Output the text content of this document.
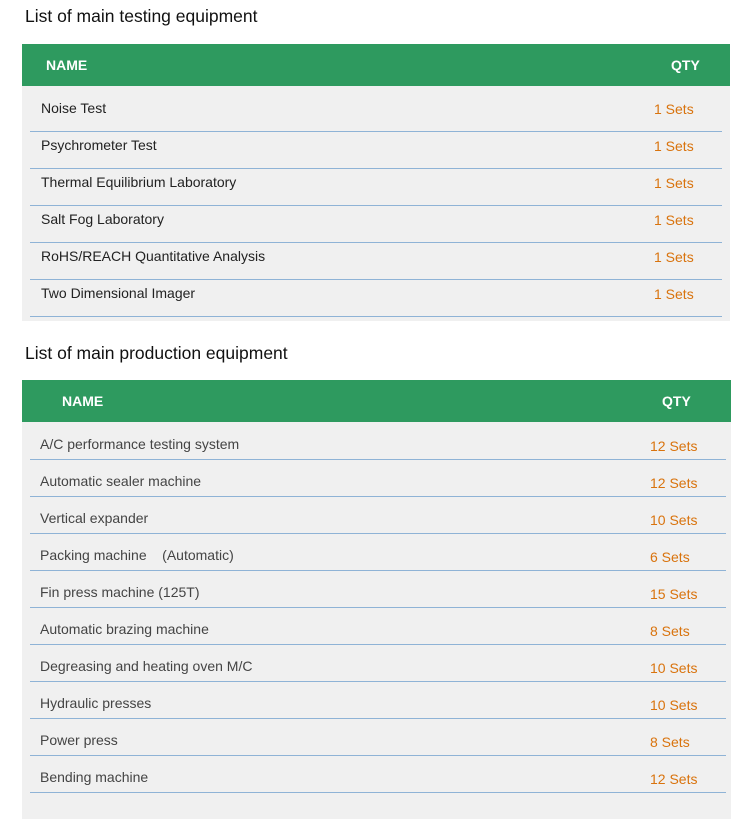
List of main testing equipment
NAME	QTY
Noise Test	1 Sets
Psychrometer Test	1 Sets
Thermal Equilibrium Laboratory	1 Sets
Salt Fog Laboratory	1 Sets
RoHS/REACH Quantitative Analysis	1 Sets
Two Dimensional Imager	1 Sets
List of main production equipment
NAME	QTY
A/C performance testing system	12 Sets
Automatic sealer machine	12 Sets
Vertical expander	10 Sets
Packing machine    (Automatic)	6 Sets
Fin press machine (125T)	15 Sets
Automatic brazing machine	8 Sets
Degreasing and heating oven M/C	10 Sets
Hydraulic presses	10 Sets
Power press	8 Sets
Bending machine	12 Sets
